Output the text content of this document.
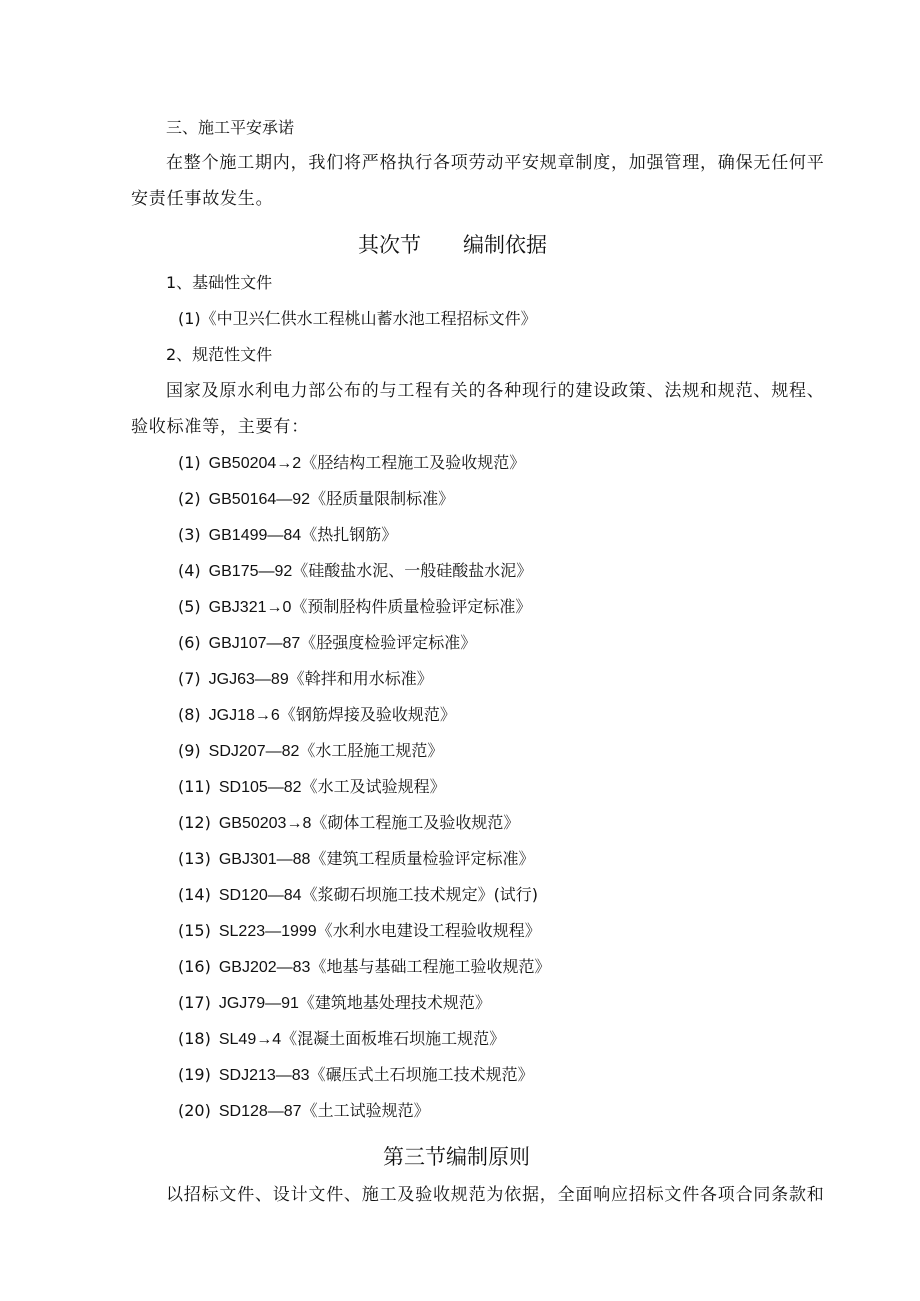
三、施工平安承诺
在整个施工期内，我们将严格执行各项劳动平安规章制度，加强管理，确保无任何平
安责任事故发生。
其次节　　编制依据
1、基础性文件
(1)《中卫兴仁供水工程桃山蓄水池工程招标文件》
2、规范性文件
国家及原水利电力部公布的与工程有关的各种现行的建设政策、法规和规范、规程、
验收标准等，主要有：
(1) GB50204→2《胫结构工程施工及验收规范》
(2) GB50164—92《胫质量限制标准》
(3) GB1499—84《热扎钢筋》
(4) GB175—92《硅酸盐水泥、一般硅酸盐水泥》
(5) GBJ321→0《预制胫构件质量检验评定标准》
(6) GBJ107—87《胫强度检验评定标准》
(7) JGJ63—89《斡拌和用水标准》
(8) JGJ18→6《钢筋焊接及验收规范》
(9) SDJ207—82《水工胫施工规范》
(11) SD105—82《水工及试验规程》
(12) GB50203→8《砌体工程施工及验收规范》
(13) GBJ301—88《建筑工程质量检验评定标准》
(14) SD120—84《浆砌石坝施工技术规定》(试行)
(15) SL223—1999《水利水电建设工程验收规程》
(16) GBJ202—83《地基与基础工程施工验收规范》
(17) JGJ79—91《建筑地基处理技术规范》
(18) SL49→4《混凝土面板堆石坝施工规范》
(19) SDJ213—83《碾压式土石坝施工技术规范》
(20) SD128—87《土工试验规范》
第三节编制原则
以招标文件、设计文件、施工及验收规范为依据，全面响应招标文件各项合同条款和
